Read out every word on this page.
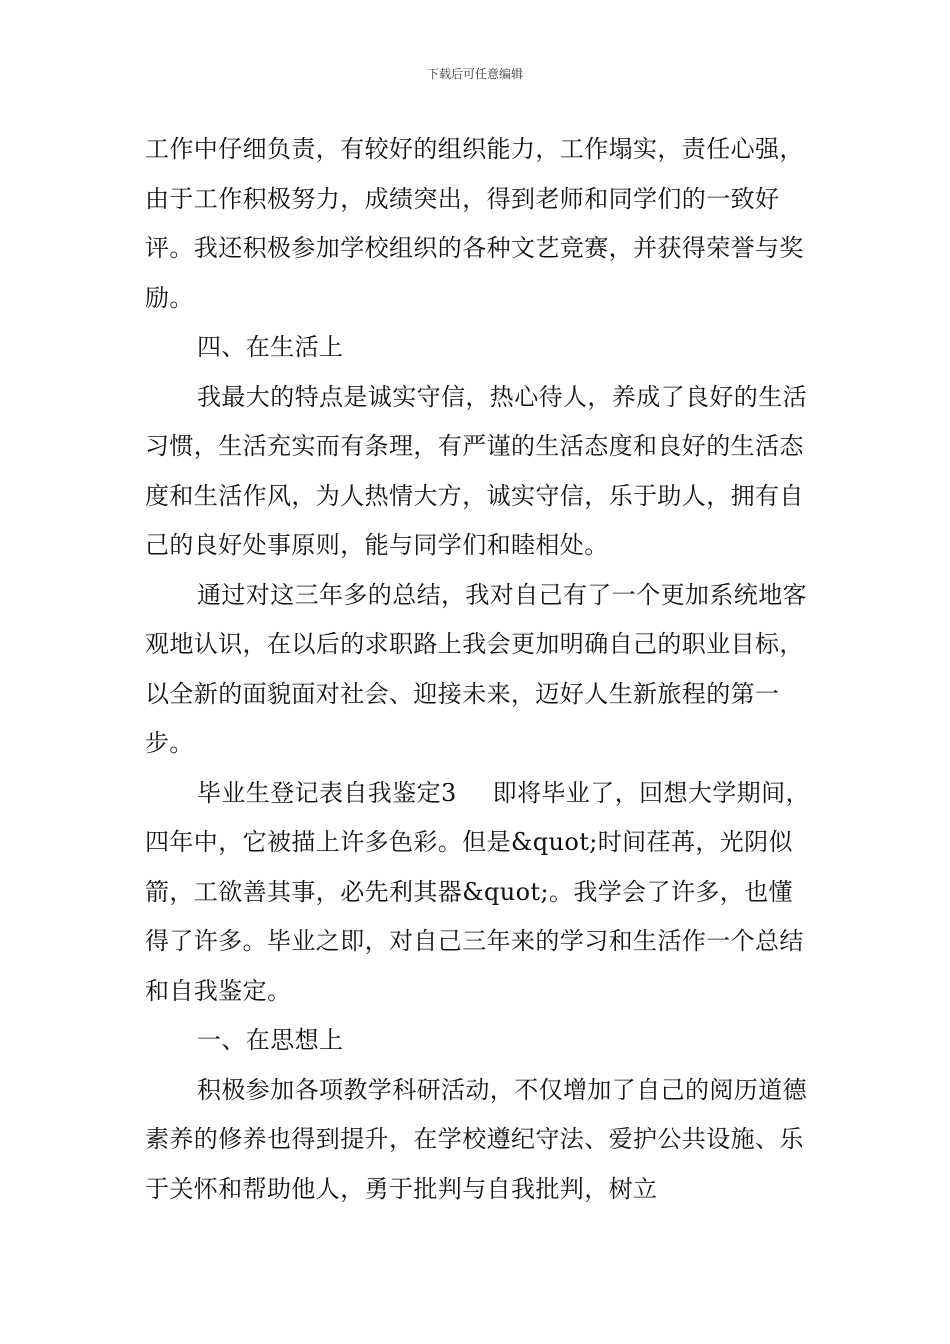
下载后可任意编辑

工作中仔细负责，有较好的组织能力，工作塌实，责任心强，由于工作积极努力，成绩突出，得到老师和同学们的一致好评。我还积极参加学校组织的各种文艺竞赛，并获得荣誉与奖励。

四、在生活上

我最大的特点是诚实守信，热心待人，养成了良好的生活习惯，生活充实而有条理，有严谨的生活态度和良好的生活态度和生活作风，为人热情大方，诚实守信，乐于助人，拥有自己的良好处事原则，能与同学们和睦相处。

通过对这三年多的总结，我对自己有了一个更加系统地客观地认识，在以后的求职路上我会更加明确自己的职业目标，以全新的面貌面对社会、迎接未来，迈好人生新旅程的第一步。

毕业生登记表自我鉴定3 即将毕业了，回想大学期间，四年中，它被描上许多色彩。但是&quot;时间荏苒，光阴似箭，工欲善其事，必先利其器&quot;。我学会了许多，也懂得了许多。毕业之即，对自己三年来的学习和生活作一个总结和自我鉴定。

一、在思想上

积极参加各项教学科研活动，不仅增加了自己的阅历道德素养的修养也得到提升，在学校遵纪守法、爱护公共设施、乐于关怀和帮助他人，勇于批判与自我批判，树立
